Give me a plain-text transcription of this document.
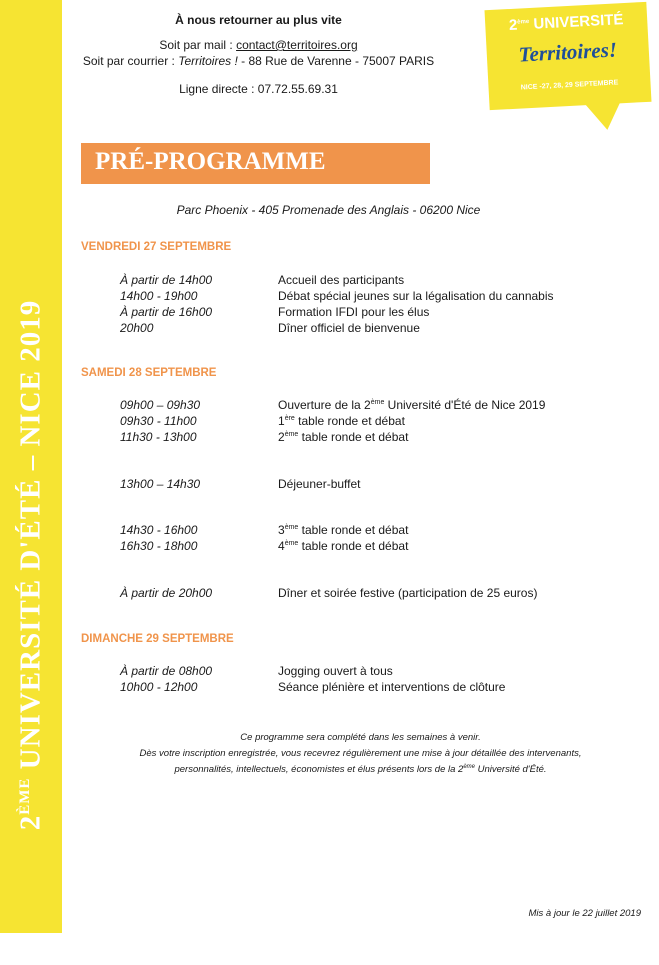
2ÈME UNIVERSITÉ D'ÉTÉ – NICE 2019
À nous retourner au plus vite
Soit par mail : contact@territoires.org
Soit par courrier : Territoires ! - 88 Rue de Varenne - 75007 PARIS
Ligne directe : 07.72.55.69.31
2ème UNIVERSITÉ
Territoires!
NICE -27, 28, 29 SEPTEMBRE
PRÉ-PROGRAMME
Parc Phoenix - 405 Promenade des Anglais - 06200 Nice
VENDREDI 27 SEPTEMBRE
À partir de 14h00	Accueil des participants
14h00 - 19h00	Débat spécial jeunes sur la légalisation du cannabis
À partir de 16h00	Formation IFDI pour les élus
20h00	Dîner officiel de bienvenue
SAMEDI 28 SEPTEMBRE
09h00 – 09h30	Ouverture de la 2ème Université d'Été de Nice 2019
09h30 - 11h00	1ère table ronde et débat
11h30 - 13h00	2ème table ronde et débat
13h00 – 14h30	Déjeuner-buffet
14h30 - 16h00	3ème table ronde et débat
16h30 - 18h00	4ème table ronde et débat
À partir de 20h00	Dîner et soirée festive (participation de 25 euros)
DIMANCHE 29 SEPTEMBRE
À partir de 08h00	Jogging ouvert à tous
10h00 - 12h00	Séance plénière et interventions de clôture
Ce programme sera complété dans les semaines à venir.
Dès votre inscription enregistrée, vous recevrez régulièrement une mise à jour détaillée des intervenants,
personnalités, intellectuels, économistes et élus présents lors de la 2ème Université d'Été.
Mis à jour le 22 juillet 2019
